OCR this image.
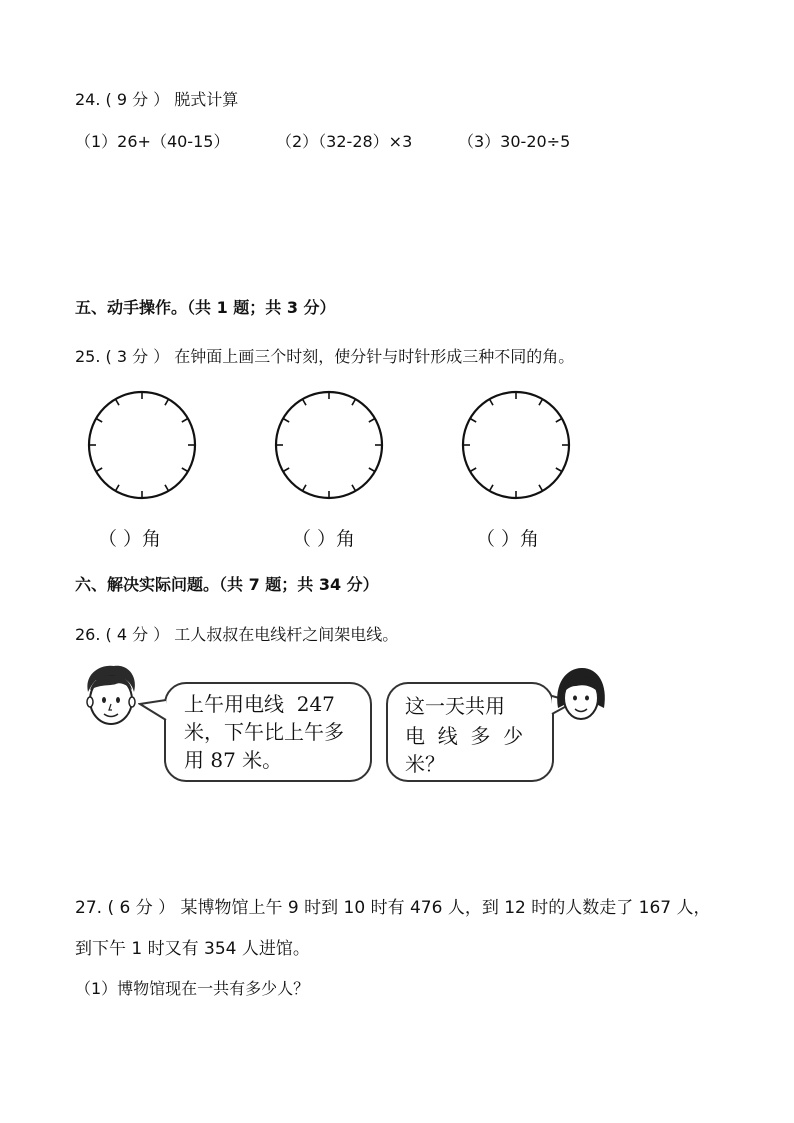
24. ( 9 分 ） 脱式计算
（1）26+（40-15）	（2）（32-28）×3	（3）30-20÷5
五、动手操作。（共 1 题；共 3 分）
25. ( 3 分 ） 在钟面上画三个时刻，使分针与时针形成三种不同的角。
（ ）角	（ ）角	（ ）角
六、解决实际问题。（共 7 题；共 34 分）
26. ( 4 分 ） 工人叔叔在电线杆之间架电线。
上午用电线  247
米，下午比上午多
用 87 米。
这一天共用
电  线  多  少
米？
27. ( 6 分 ） 某博物馆上午 9 时到 10 时有 476 人，到 12 时的人数走了 167 人，
到下午 1 时又有 354 人进馆。
（1）博物馆现在一共有多少人？
